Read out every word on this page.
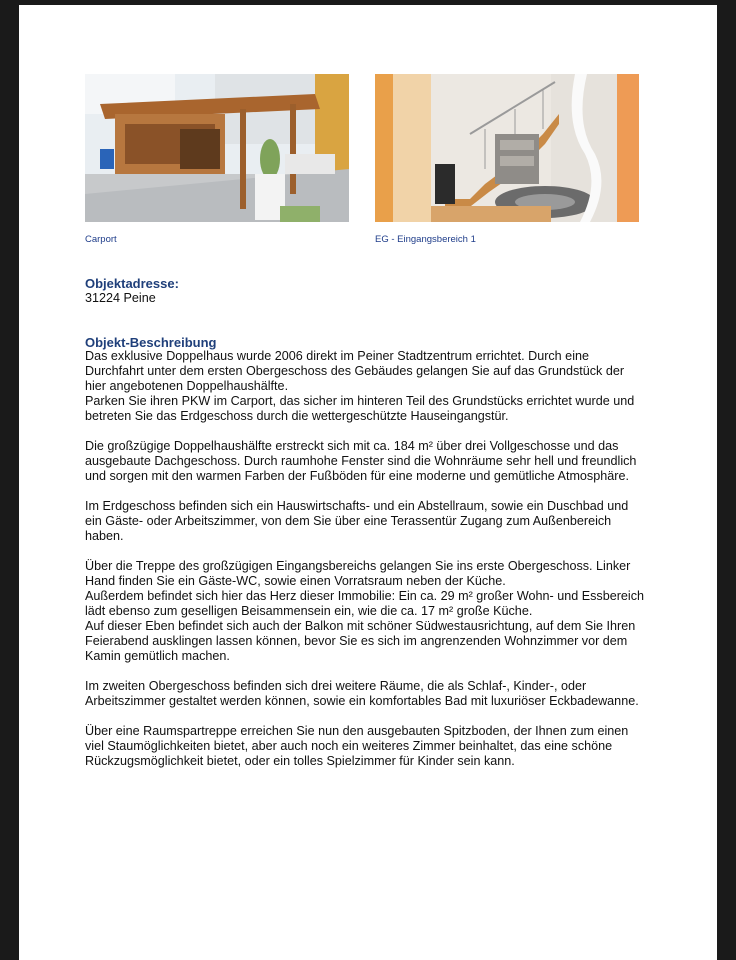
Carport	EG - Eingangsbereich 1
Objektadresse:
31224 Peine
Objekt-Beschreibung

Das exklusive Doppelhaus wurde 2006 direkt im Peiner Stadtzentrum errichtet. Durch eine Durchfahrt unter dem ersten Obergeschoss des Gebäudes gelangen Sie auf das Grundstück der hier angebotenen Doppelhaushälfte.

Parken Sie ihren PKW im Carport, das sicher im hinteren Teil des Grundstücks errichtet wurde und betreten Sie das Erdgeschoss durch die wettergeschützte Hauseingangstür.

Die großzügige Doppelhaushälfte erstreckt sich mit ca. 184 m² über drei Vollgeschosse und das ausgebaute Dachgeschoss. Durch raumhohe Fenster sind die Wohnräume sehr hell und freundlich und sorgen mit den warmen Farben der Fußböden für eine moderne und gemütliche Atmosphäre.

Im Erdgeschoss befinden sich ein Hauswirtschafts- und ein Abstellraum, sowie ein Duschbad und ein Gäste- oder Arbeitszimmer, von dem Sie über eine Terassentür Zugang zum Außenbereich haben.

Über die Treppe des großzügigen Eingangsbereichs gelangen Sie ins erste Obergeschoss. Linker Hand finden Sie ein Gäste-WC, sowie einen Vorratsraum neben der Küche.

Außerdem befindet sich hier das Herz dieser Immobilie: Ein ca. 29 m² großer Wohn- und Essbereich lädt ebenso zum geselligen Beisammensein ein, wie die ca. 17 m² große Küche.

Auf dieser Eben befindet sich auch der Balkon mit schöner Südwestausrichtung, auf dem Sie Ihren Feierabend ausklingen lassen können, bevor Sie es sich im angrenzenden Wohnzimmer vor dem Kamin gemütlich machen.

Im zweiten Obergeschoss befinden sich drei weitere Räume, die als Schlaf-, Kinder-, oder Arbeitszimmer gestaltet werden können, sowie ein komfortables Bad mit luxuriöser Eckbadewanne.

Über eine Raumspartreppe erreichen Sie nun den ausgebauten Spitzboden, der Ihnen zum einen viel Staumöglichkeiten bietet, aber auch noch ein weiteres Zimmer beinhaltet, das eine schöne Rückzugsmöglichkeit bietet, oder ein tolles Spielzimmer für Kinder sein kann.
